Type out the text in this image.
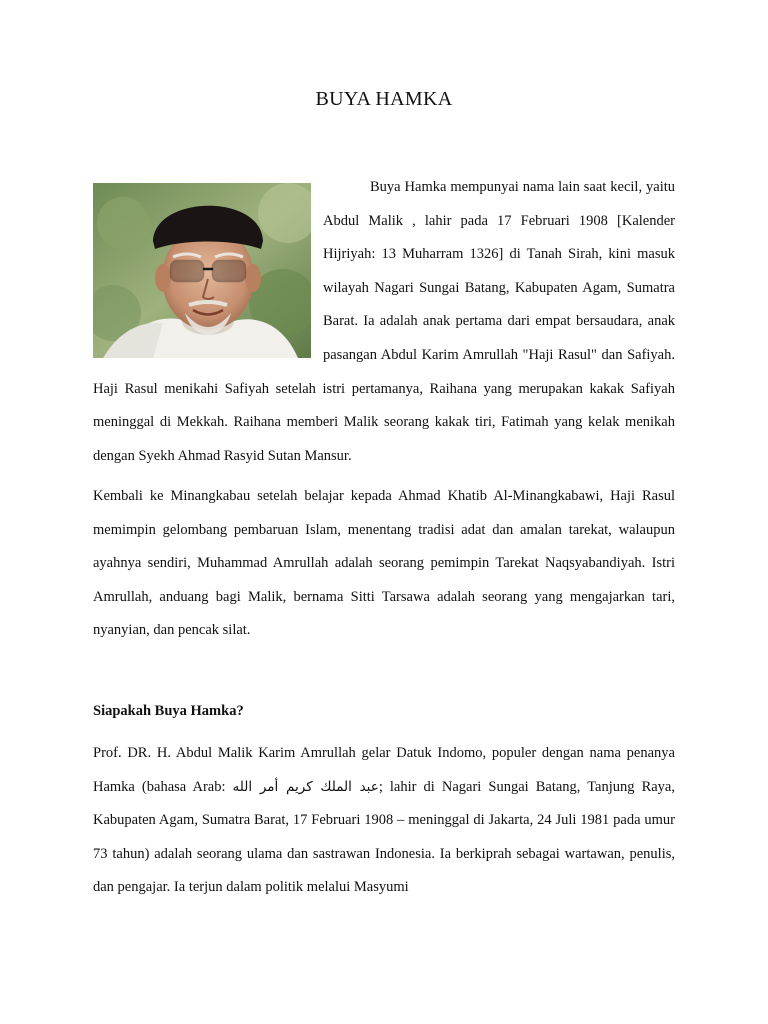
BUYA HAMKA

Buya Hamka mempunyai nama lain saat kecil, yaitu Abdul Malik , lahir pada 17 Februari 1908 [Kalender Hijriyah: 13 Muharram 1326] di Tanah Sirah, kini masuk wilayah Nagari Sungai Batang, Kabupaten Agam, Sumatra Barat. Ia adalah anak pertama dari empat bersaudara, anak pasangan Abdul Karim Amrullah "Haji Rasul" dan Safiyah. Haji Rasul menikahi Safiyah setelah istri pertamanya, Raihana yang merupakan kakak Safiyah meninggal di Mekkah. Raihana memberi Malik seorang kakak tiri, Fatimah yang kelak menikah dengan Syekh Ahmad Rasyid Sutan Mansur.

Kembali ke Minangkabau setelah belajar kepada Ahmad Khatib Al-Minangkabawi, Haji Rasul memimpin gelombang pembaruan Islam, menentang tradisi adat dan amalan tarekat, walaupun ayahnya sendiri, Muhammad Amrullah adalah seorang pemimpin Tarekat Naqsyabandiyah. Istri Amrullah, anduang bagi Malik, bernama Sitti Tarsawa adalah seorang yang mengajarkan tari, nyanyian, dan pencak silat.

Siapakah Buya Hamka?

Prof. DR. H. Abdul Malik Karim Amrullah gelar Datuk Indomo, populer dengan nama penanya Hamka (bahasa Arab: عبد الملك كريم أمر الله; lahir di Nagari Sungai Batang, Tanjung Raya, Kabupaten Agam, Sumatra Barat, 17 Februari 1908 – meninggal di Jakarta, 24 Juli 1981 pada umur 73 tahun) adalah seorang ulama dan sastrawan Indonesia. Ia berkiprah sebagai wartawan, penulis, dan pengajar. Ia terjun dalam politik melalui Masyumi
